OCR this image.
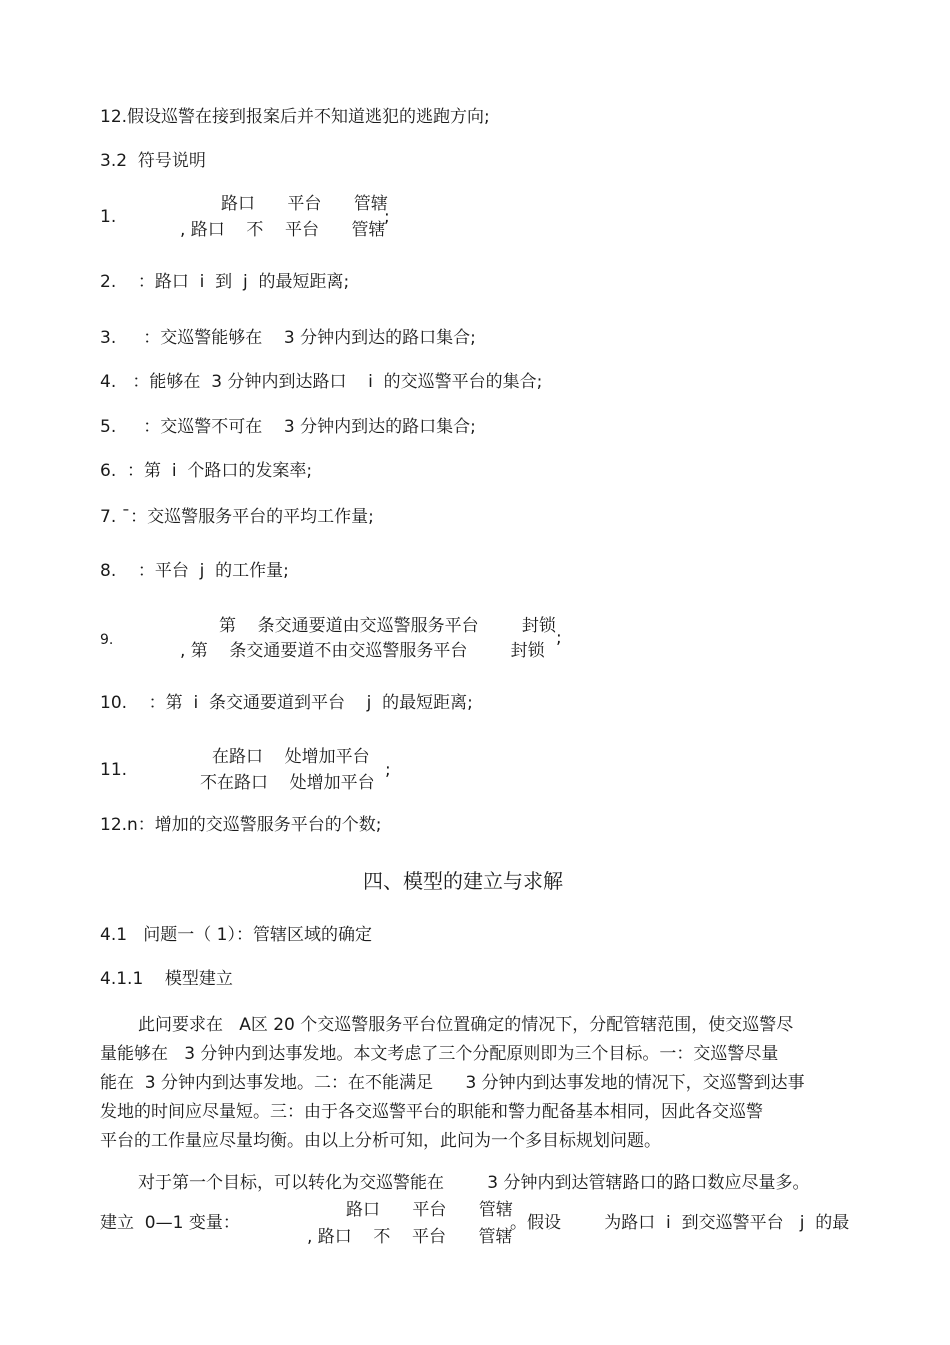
12.假设巡警在接到报案后并不知道逃犯的逃跑方向;
3.2  符号说明
1.
路口      平台      管辖
, 路口    不    平台      管辖
;
2.    ：路口  i  到  j  的最短距离;
3.     ：交巡警能够在    3 分钟内到达的路口集合;
4.   ：能够在  3 分钟内到达路口    i  的交巡警平台的集合;
5.     ：交巡警不可在    3 分钟内到达的路口集合;
6.  ：第  i  个路口的发案率;
7. ¯：交巡警服务平台的平均工作量;
8.    ：平台  j  的工作量;
9.
第    条交通要道由交巡警服务平台        封锁
, 第    条交通要道不由交巡警服务平台        封锁
;
10.    ：第  i  条交通要道到平台    j  的最短距离;
11.
在路口    处增加平台
不在路口    处增加平台
;
12.n：增加的交巡警服务平台的个数;
四、模型的建立与求解
4.1   问题一（ 1）：管辖区域的确定
4.1.1    模型建立
此问要求在   A区 20 个交巡警服务平台位置确定的情况下，分配管辖范围，使交巡警尽
量能够在   3 分钟内到达事发地。本文考虑了三个分配原则即为三个目标。一：交巡警尽量
能在  3 分钟内到达事发地。二：在不能满足      3 分钟内到达事发地的情况下，交巡警到达事
发地的时间应尽量短。三：由于各交巡警平台的职能和警力配备基本相同，因此各交巡警
平台的工作量应尽量均衡。由以上分析可知，此问为一个多目标规划问题。
对于第一个目标，可以转化为交巡警能在        3 分钟内到达管辖路口的路口数应尽量多。
建立  0—1 变量：
路口      平台      管辖
, 路口    不    平台      管辖
。假设        为路口  i  到交巡警平台   j  的最
